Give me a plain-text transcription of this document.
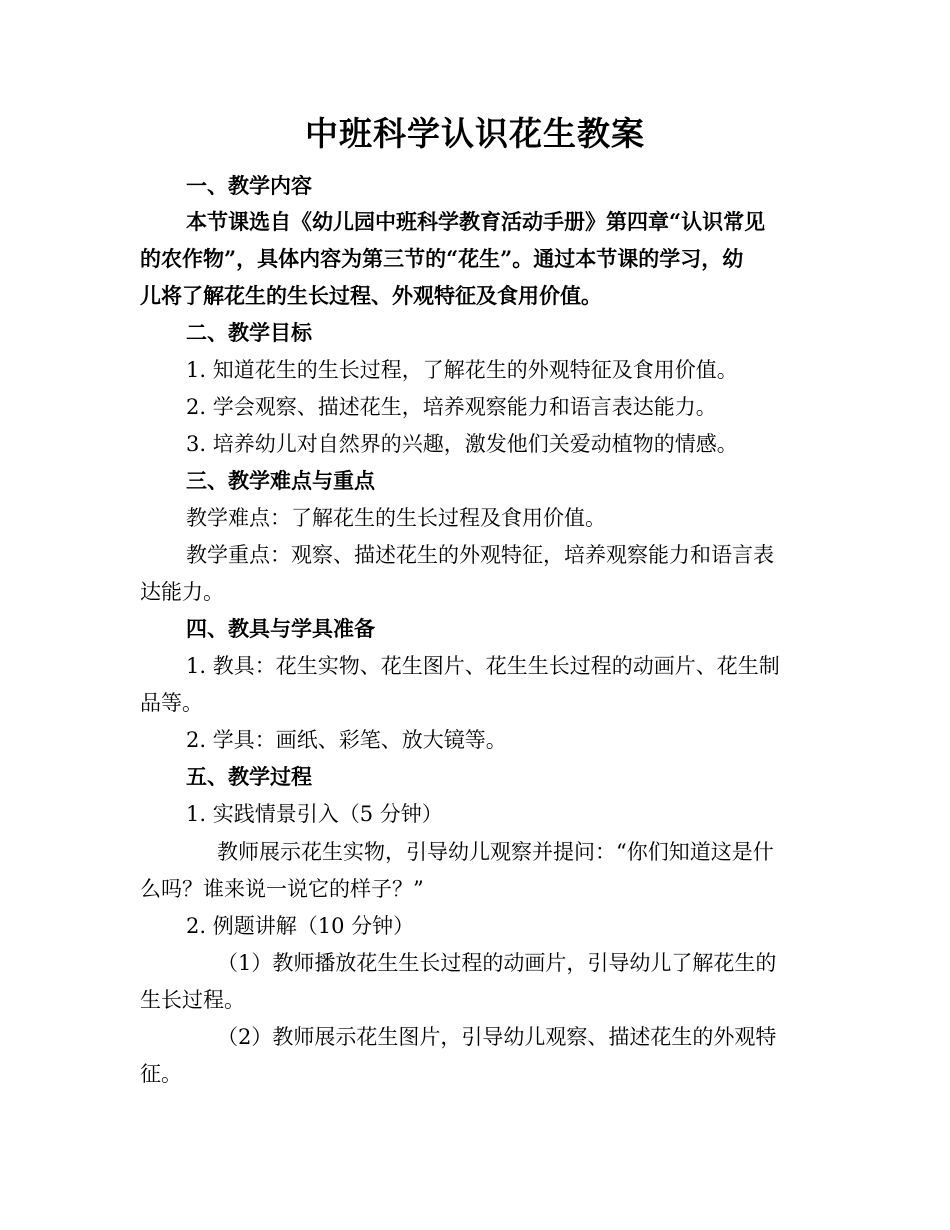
中班科学认识花生教案
一、教学内容
本节课选自《幼儿园中班科学教育活动手册》第四章“认识常见
的农作物”，具体内容为第三节的“花生”。通过本节课的学习，幼
儿将了解花生的生长过程、外观特征及食用价值。
二、教学目标
1. 知道花生的生长过程，了解花生的外观特征及食用价值。
2. 学会观察、描述花生，培养观察能力和语言表达能力。
3. 培养幼儿对自然界的兴趣，激发他们关爱动植物的情感。
三、教学难点与重点
教学难点：了解花生的生长过程及食用价值。
教学重点：观察、描述花生的外观特征，培养观察能力和语言表
达能力。
四、教具与学具准备
1. 教具：花生实物、花生图片、花生生长过程的动画片、花生制
品等。
2. 学具：画纸、彩笔、放大镜等。
五、教学过程
1. 实践情景引入（5 分钟）
教师展示花生实物，引导幼儿观察并提问：“你们知道这是什
么吗？谁来说一说它的样子？”
2. 例题讲解（10 分钟）
（1）教师播放花生生长过程的动画片，引导幼儿了解花生的
生长过程。
（2）教师展示花生图片，引导幼儿观察、描述花生的外观特
征。
